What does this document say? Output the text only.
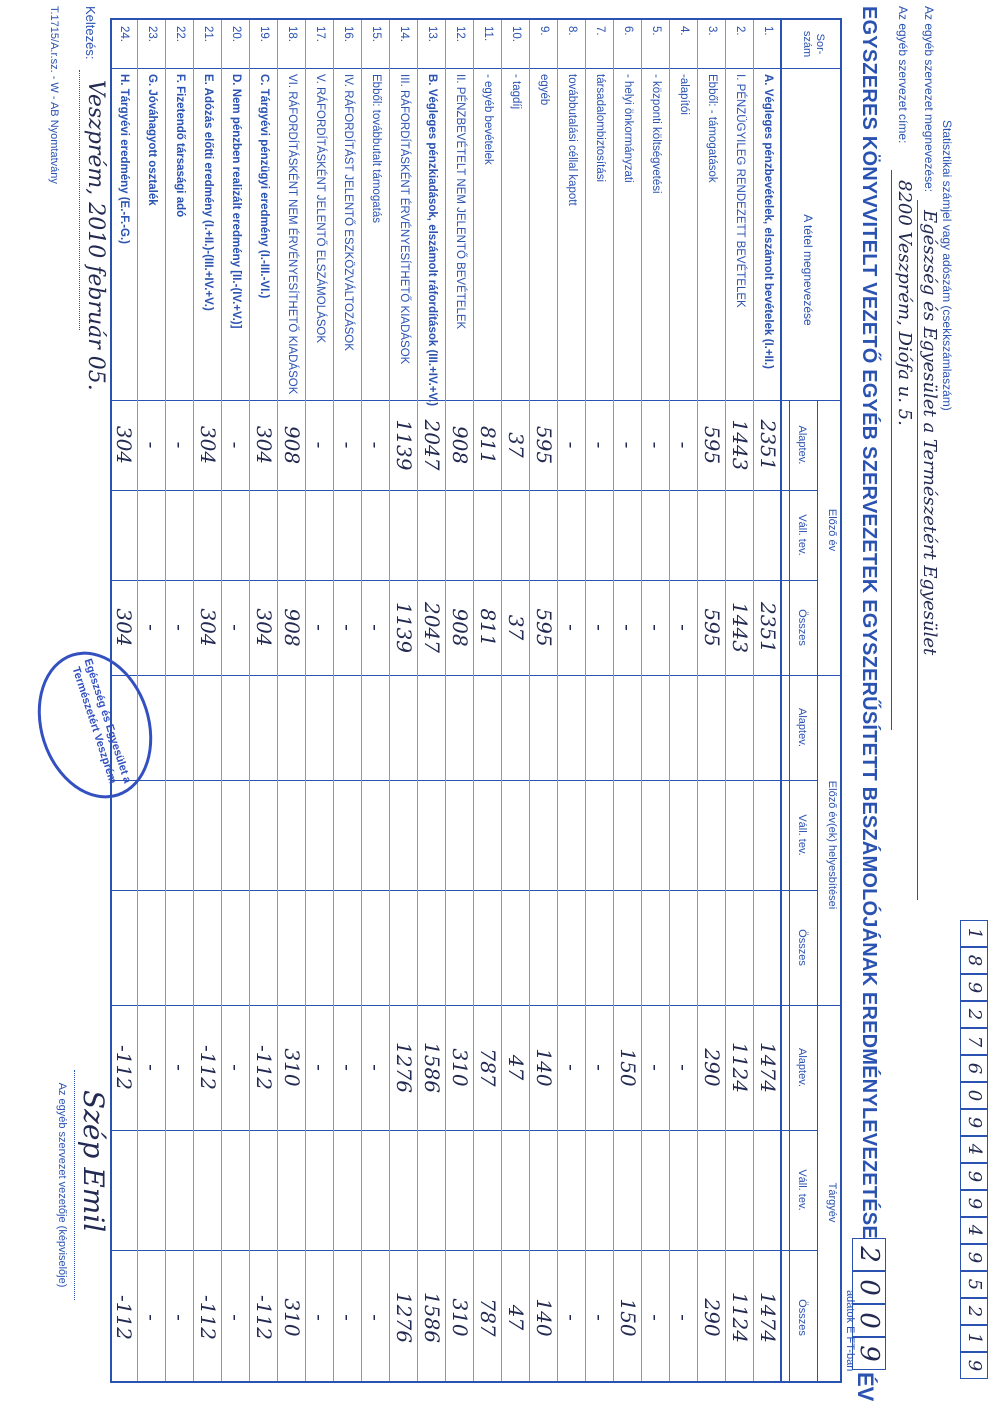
Statisztikai számjel vagy adószám (csekkszámlaszám)
1
8
9
2
7
6
0
9
4
9
9
4
9
5
2
1
9
Az egyéb szervezet megnevezése:
Egészség és Egyesület a Természetért Egyesület
Az egyéb szervezet címe:
8200 Veszprém, Diófa u. 5.
EGYSZERES KÖNYVVITELT VEZETŐ EGYÉB SZERVEZETEK EGYSZERŰSÍTETT BESZÁMOLÓJÁNAK EREDMÉNYLEVEZETÉSE
2
0
0
9
ÉV
adatok E FT-ban
Sor- szám
A tétel megnevezése
Előző év
Előző év(ek) helyesbítései
Tárgyév
Alaptev.
Váll. tev.
Összes
Alaptev.
Váll. tev.
Összes
Alaptev.
Váll. tev.
Összes
1.
A. Végleges pénzbevételek, elszámolt bevételek (I.+II.)
2351
2351
1474
1474
2.
I. PÉNZÜGYILEG RENDEZETT BEVÉTELEK
1443
1443
1124
1124
3.
Ebből: - támogatások
595
595
290
290
4.
-alapítói
-
-
-
-
5.
- központi költségvetési
-
-
-
-
6.
- helyi önkormányzati
-
-
150
150
7.
társadalombiztosítási
-
-
-
-
8.
továbbutalási céllal kapott
-
-
-
-
9.
egyéb
595
595
140
140
10.
- tagdíj
37
37
47
47
11.
- egyéb bevételek
811
811
787
787
12.
II. PÉNZBEVÉTELT NEM JELENTŐ BEVÉTELEK
908
908
310
310
13.
B. Végleges pénzkiadások, elszámolt ráfordítások (III.+IV.+V.)
2047
2047
1586
1586
14.
III. RÁFORDÍTÁSKÉNT ÉRVÉNYESÍTHETŐ KIADÁSOK
1139
1139
1276
1276
15.
Ebből: továbbutalt támogatás
-
-
-
-
16.
IV. RÁFORDÍTÁST JELENTŐ ESZKÖZVÁLTOZÁSOK
-
-
-
-
17.
V. RÁFORDÍTÁSKÉNT JELENTŐ ELSZÁMOLÁSOK
-
-
-
-
18.
VI. RÁFORDÍTÁSKÉNT NEM ÉRVÉNYESÍTHETŐ KIADÁSOK
908
908
310
310
19.
C. Tárgyévi pénzügyi eredmény (I.-III.-VI.)
304
304
-112
-112
20.
D. Nem pénzben realizált eredmény [II.-(IV.+V.)]
-
-
-
-
21.
E. Adózás előtti eredmény (I.+II.)-(III.+IV.+V.)
304
304
-112
-112
22.
F. Fizetendő társasági adó
-
-
-
-
23.
G. Jóváhagyott osztalék
-
-
-
-
24.
H. Tárgyévi eredmény (E.-F.-G.)
304
304
-112
-112
Keltezés:
Veszprém, 2010 február 05.
T.1715/A.r.sz. - W - AB Nyomtatvány
Egészség és Egyesület a Természetért Veszprém
Szép Emil
Az egyéb szervezet vezetője (képviselője)
